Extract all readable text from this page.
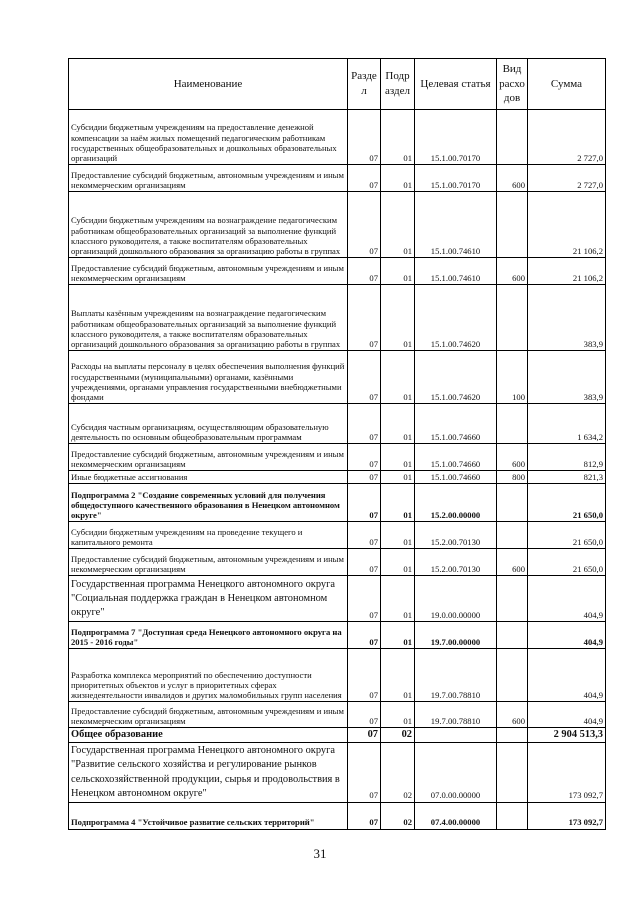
Наименование	Разде л	Подр аздел	Целевая статья	Вид расхо дов	Сумма
Субсидии бюджетным учреждениям на предоставление денежной компенсации за наём жилых помещений педагогическим работникам государственных общеобразовательных и дошкольных образовательных организаций	07	01	15.1.00.70170		2 727,0
Предоставление субсидий бюджетным, автономным учреждениям и иным некоммерческим организациям	07	01	15.1.00.70170	600	2 727,0
Субсидии бюджетным учреждениям на вознаграждение педагогическим работникам общеобразовательных организаций за выполнение функций классного руководителя, а также воспитателям образовательных организаций дошкольного образования за организацию работы в группах	07	01	15.1.00.74610		21 106,2
Предоставление субсидий бюджетным, автономным учреждениям и иным некоммерческим организациям	07	01	15.1.00.74610	600	21 106,2
Выплаты казённым учреждениям на вознаграждение педагогическим работникам общеобразовательных организаций за выполнение функций классного руководителя, а также воспитателям образовательных организаций дошкольного образования за организацию работы в группах	07	01	15.1.00.74620		383,9
Расходы на выплаты персоналу в целях обеспечения выполнения функций государственными (муниципальными) органами, казёнными учреждениями, органами управления государственными внебюджетными фондами	07	01	15.1.00.74620	100	383,9
Субсидия частным организациям, осуществляющим образовательную деятельность по основным общеобразовательным программам	07	01	15.1.00.74660		1 634,2
Предоставление субсидий бюджетным, автономным учреждениям и иным некоммерческим организациям	07	01	15.1.00.74660	600	812,9
Иные бюджетные ассигнования	07	01	15.1.00.74660	800	821,3
Подпрограмма 2 "Создание современных условий для получения общедоступного качественного образования в Ненецком автономном округе"	07	01	15.2.00.00000		21 650,0
Субсидии бюджетным учреждениям на проведение текущего и капитального ремонта	07	01	15.2.00.70130		21 650,0
Предоставление субсидий бюджетным, автономным учреждениям и иным некоммерческим организациям	07	01	15.2.00.70130	600	21 650,0
Государственная программа Ненецкого автономного округа "Социальная поддержка граждан в Ненецком автономном округе"	07	01	19.0.00.00000		404,9
Подпрограмма 7 "Доступная среда Ненецкого автономного округа на 2015 - 2016 годы"	07	01	19.7.00.00000		404,9
Разработка комплекса мероприятий по обеспечению доступности приоритетных объектов и услуг в приоритетных сферах жизнедеятельности инвалидов и других маломобильных групп населения	07	01	19.7.00.78810		404,9
Предоставление субсидий бюджетным, автономным учреждениям и иным некоммерческим организациям	07	01	19.7.00.78810	600	404,9
Общее образование	07	02			2 904 513,3
Государственная программа Ненецкого автономного округа "Развитие сельского хозяйства и регулирование рынков сельскохозяйственной продукции, сырья и продовольствия в Ненецком автономном округе"	07	02	07.0.00.00000		173 092,7
Подпрограмма 4 "Устойчивое развитие сельских территорий"	07	02	07.4.00.00000		173 092,7
31
